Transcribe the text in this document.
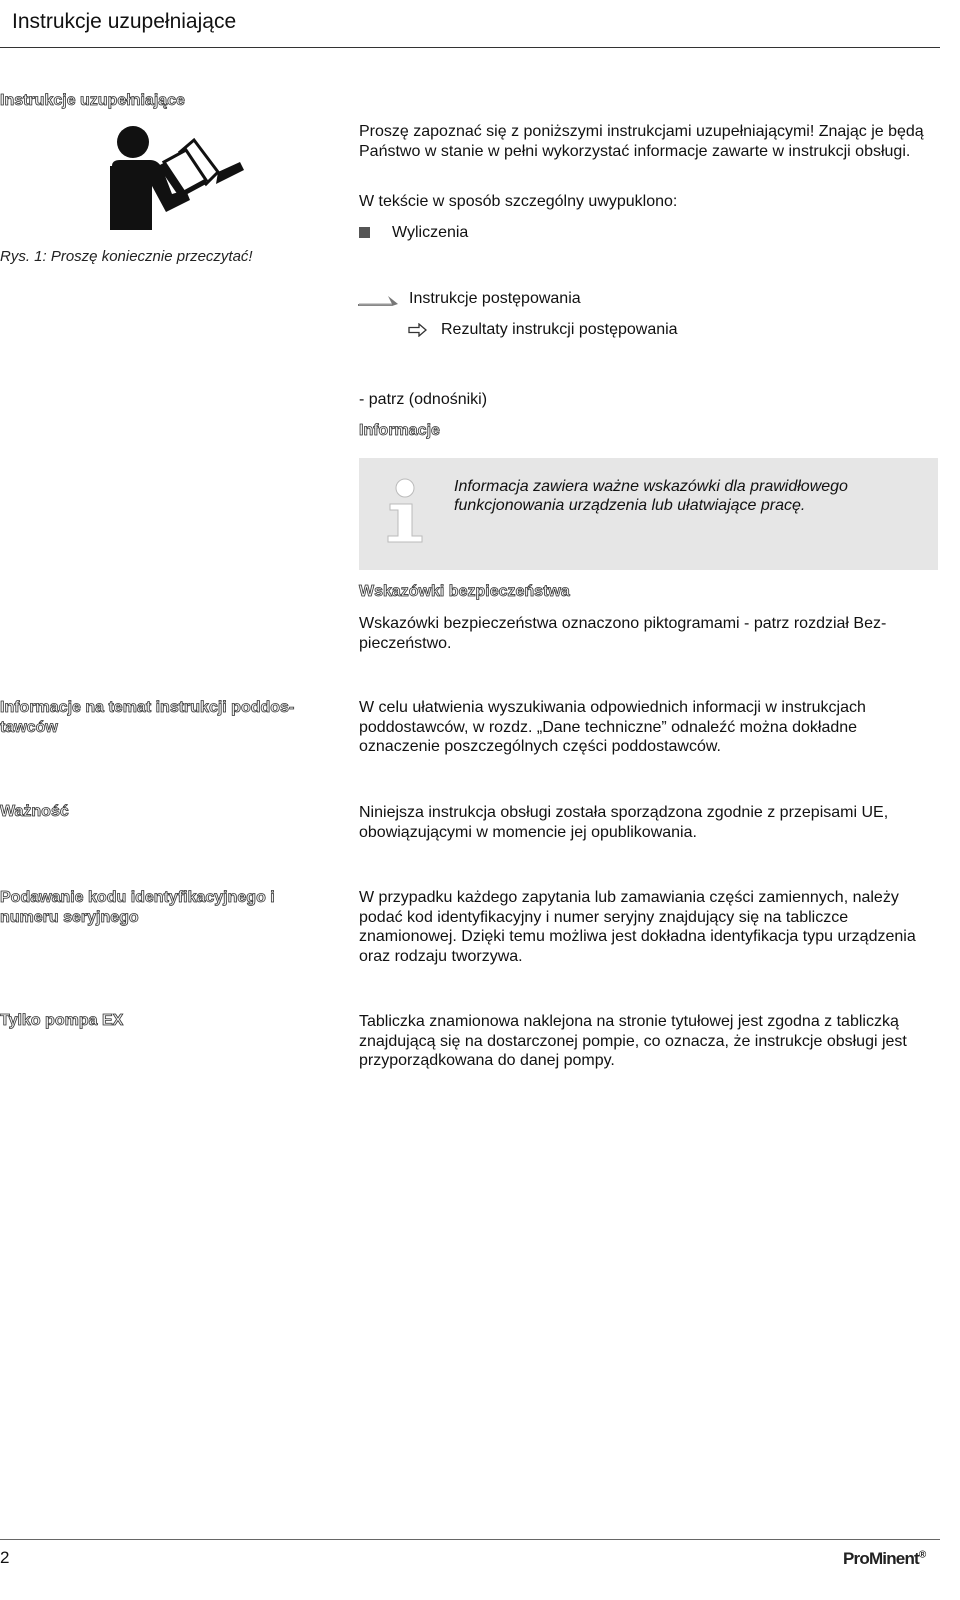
Instrukcje uzupełniające
Instrukcje uzupełniające
Rys. 1: Proszę koniecznie przeczytać!
Proszę zapoznać się z poniższymi instrukcjami uzupełniającymi! Znając je będą Państwo w stanie w pełni wykorzystać informacje zawarte w instrukcji obsługi.
W tekście w sposób szczególny uwypuklono:
Wyliczenia
Instrukcje postępowania
Rezultaty instrukcji postępowania
- patrz (odnośniki)
Informacje
Informacja zawiera ważne wskazówki dla prawidłowego funkcjonowania urządzenia lub ułatwiające pracę.
Wskazówki bezpieczeństwa
Wskazówki bezpieczeństwa oznaczono piktogramami - patrz rozdział Bezpieczeństwo.
Informacje na temat instrukcji poddostawców
W celu ułatwienia wyszukiwania odpowiednich informacji w instrukcjach poddostawców, w rozdz. „Dane techniczne” odnaleźć można dokładne oznaczenie poszczególnych części poddostawców.
Ważność	Niniejsza instrukcja obsługi została sporządzona zgodnie z przepisami UE, obowiązującymi w momencie jej opublikowania.
Podawanie kodu identyfikacyjnego i numeru seryjnego
W przypadku każdego zapytania lub zamawiania części zamiennych, należy podać kod identyfikacyjny i numer seryjny znajdujący się na tabliczce znamionowej. Dzięki temu możliwa jest dokładna identyfikacja typu urządzenia oraz rodzaju tworzywa.
Tylko pompa EX	Tabliczka znamionowa naklejona na stronie tytułowej jest zgodna z tabliczką znajdującą się na dostarczonej pompie, co oznacza, że instrukcje obsługi jest przyporządkowana do danej pompy.
2	ProMinent®
